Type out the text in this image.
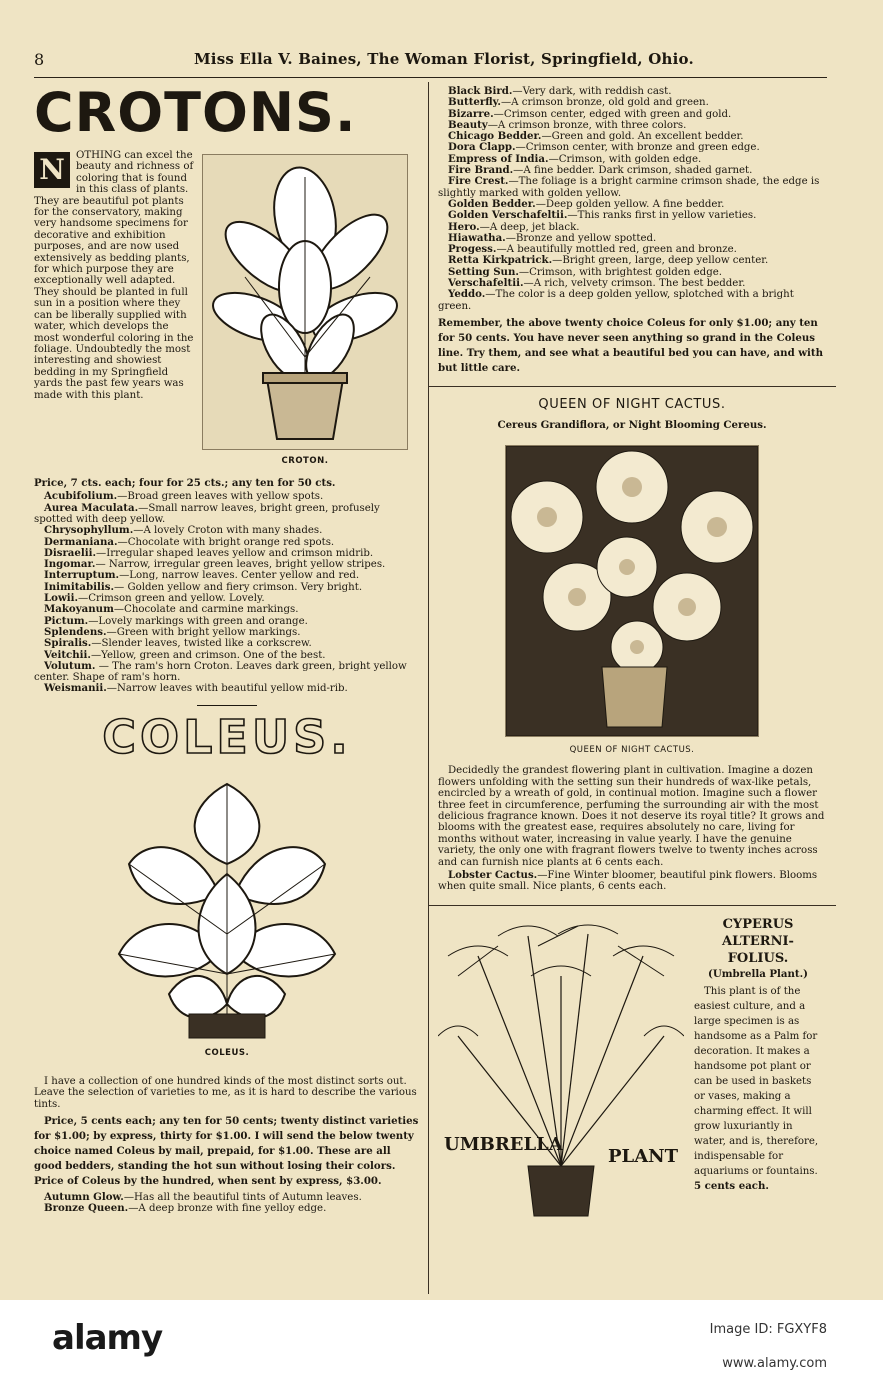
8	Miss Ella V. Baines, The Woman Florist, Springfield, Ohio.
CROTONS.
N	OTHING can excel the beauty and richness of coloring that is found in this class of plants. They are beautiful pot plants for the conservatory, making very handsome specimens for decorative and exhibition purposes, and are now used extensively as bedding plants, for which purpose they are exceptionally well adapted. They should be planted in full sun in a position where they can be liberally supplied with water, which develops the most wonderful coloring in the foliage. Undoubtedly the most interesting and showiest bedding in my Springfield yards the past few years was made with this plant.
CROTON.
Price, 7 cts. each; four for 25 cts.; any ten for 50 cts.
Acubifolium.—Broad green leaves with yellow spots.
Aurea Maculata.—Small narrow leaves, bright green, profusely spotted with deep yellow.
Chrysophyllum.—A lovely Croton with many shades.
Dermaniana.—Chocolate with bright orange red spots.
Disraelii.—Irregular shaped leaves yellow and crimson midrib.
Ingomar.— Narrow, irregular green leaves, bright yellow stripes.
Interruptum.—Long, narrow leaves. Center yellow and red.
Inimitabilis.— Golden yellow and fiery crimson. Very bright.
Lowii.—Crimson green and yellow. Lovely.
Makoyanum—Chocolate and carmine markings.
Pictum.—Lovely markings with green and orange.
Splendens.—Green with bright yellow markings.
Spiralis.—Slender leaves, twisted like a corkscrew.
Veitchii.—Yellow, green and crimson. One of the best.
Volutum. — The ram's horn Croton. Leaves dark green, bright yellow center. Shape of ram's horn.
Weismanii.—Narrow leaves with beautiful yellow mid-rib.
COLEUS.
COLEUS.
I have a collection of one hundred kinds of the most distinct sorts out. Leave the selection of varieties to me, as it is hard to describe the various tints.
Price, 5 cents each; any ten for 50 cents; twenty distinct varieties for $1.00; by express, thirty for $1.00. I will send the below twenty choice named Coleus by mail, prepaid, for $1.00. These are all good bedders, standing the hot sun without losing their colors. Price of Coleus by the hundred, when sent by express, $3.00.
Autumn Glow.—Has all the beautiful tints of Autumn leaves.
Bronze Queen.—A deep bronze with fine yelloy edge.
Black Bird.—Very dark, with reddish cast.
Butterfly.—A crimson bronze, old gold and green.
Bizarre.—Crimson center, edged with green and gold.
Beauty—A crimson bronze, with three colors.
Chicago Bedder.—Green and gold. An excellent bedder.
Dora Clapp.—Crimson center, with bronze and green edge.
Empress of India.—Crimson, with golden edge.
Fire Brand.—A fine bedder. Dark crimson, shaded garnet.
Fire Crest.—The foliage is a bright carmine crimson shade, the edge is slightly marked with golden yellow.
Golden Bedder.—Deep golden yellow. A fine bedder.
Golden Verschafeltii.—This ranks first in yellow varieties.
Hero.—A deep, jet black.
Hiawatha.—Bronze and yellow spotted.
Progess.—A beautifully mottled red, green and bronze.
Retta Kirkpatrick.—Bright green, large, deep yellow center.
Setting Sun.—Crimson, with brightest golden edge.
Verschafeltii.—A rich, velvety crimson. The best bedder.
Yeddo.—The color is a deep golden yellow, splotched with a bright green.
Remember, the above twenty choice Coleus for only $1.00; any ten for 50 cents. You have never seen anything so grand in the Coleus line. Try them, and see what a beautiful bed you can have, and with but little care.
QUEEN OF NIGHT CACTUS.
Cereus Grandiflora, or Night Blooming Cereus.
QUEEN OF NIGHT CACTUS.
Decidedly the grandest flowering plant in cultivation. Imagine a dozen flowers unfolding with the setting sun their hundreds of wax-like petals, encircled by a wreath of gold, in continual motion. Imagine such a flower three feet in circumference, perfuming the surrounding air with the most delicious fragrance known. Does it not deserve its royal title? It grows and blooms with the greatest ease, requires absolutely no care, living for months without water, increasing in value yearly. I have the genuine variety, the only one with fragrant flowers twelve to twenty inches across and can furnish nice plants at 6 cents each.
Lobster Cactus.—Fine Winter bloomer, beautiful pink flowers. Blooms when quite small. Nice plants, 6 cents each.
UMBRELLA
PLANT
CYPERUS
ALTERNI-
FOLIUS.
(Umbrella Plant.)
This plant is of the easiest culture, and a large specimen is as handsome as a Palm for decoration. It makes a handsome pot plant or can be used in baskets or vases, making a charming effect. It will grow luxuriantly in water, and is, therefore, indispensable for aquariums or fountains. 5 cents each.
alamy	Image ID: FGXYF8
www.alamy.com
